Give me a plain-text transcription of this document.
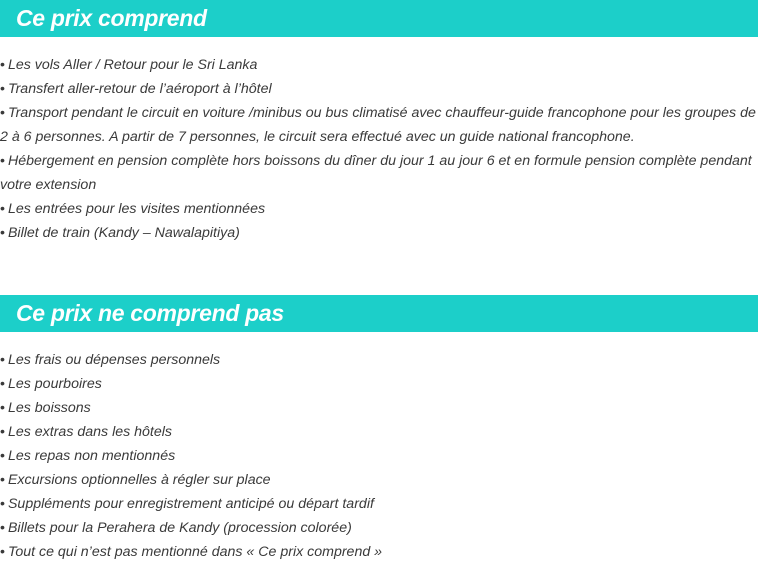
Ce prix comprend
• Les vols Aller / Retour pour le Sri Lanka
• Transfert aller-retour de l’aéroport à l’hôtel
• Transport pendant le circuit en voiture /minibus ou bus climatisé avec chauffeur-guide francophone pour les groupes de 2 à 6 personnes. A partir de 7 personnes, le circuit sera effectué avec un guide national francophone.
• Hébergement en pension complète hors boissons du dîner du jour 1 au jour 6 et en formule pension complète pendant votre extension
• Les entrées pour les visites mentionnées
• Billet de train (Kandy – Nawalapitiya)
Ce prix ne comprend pas
• Les frais ou dépenses personnels
• Les pourboires
• Les boissons
• Les extras dans les hôtels
• Les repas non mentionnés
• Excursions optionnelles à régler sur place
• Suppléments pour enregistrement anticipé ou départ tardif
• Billets pour la Perahera de Kandy (procession colorée)
• Tout ce qui n’est pas mentionné dans « Ce prix comprend »
